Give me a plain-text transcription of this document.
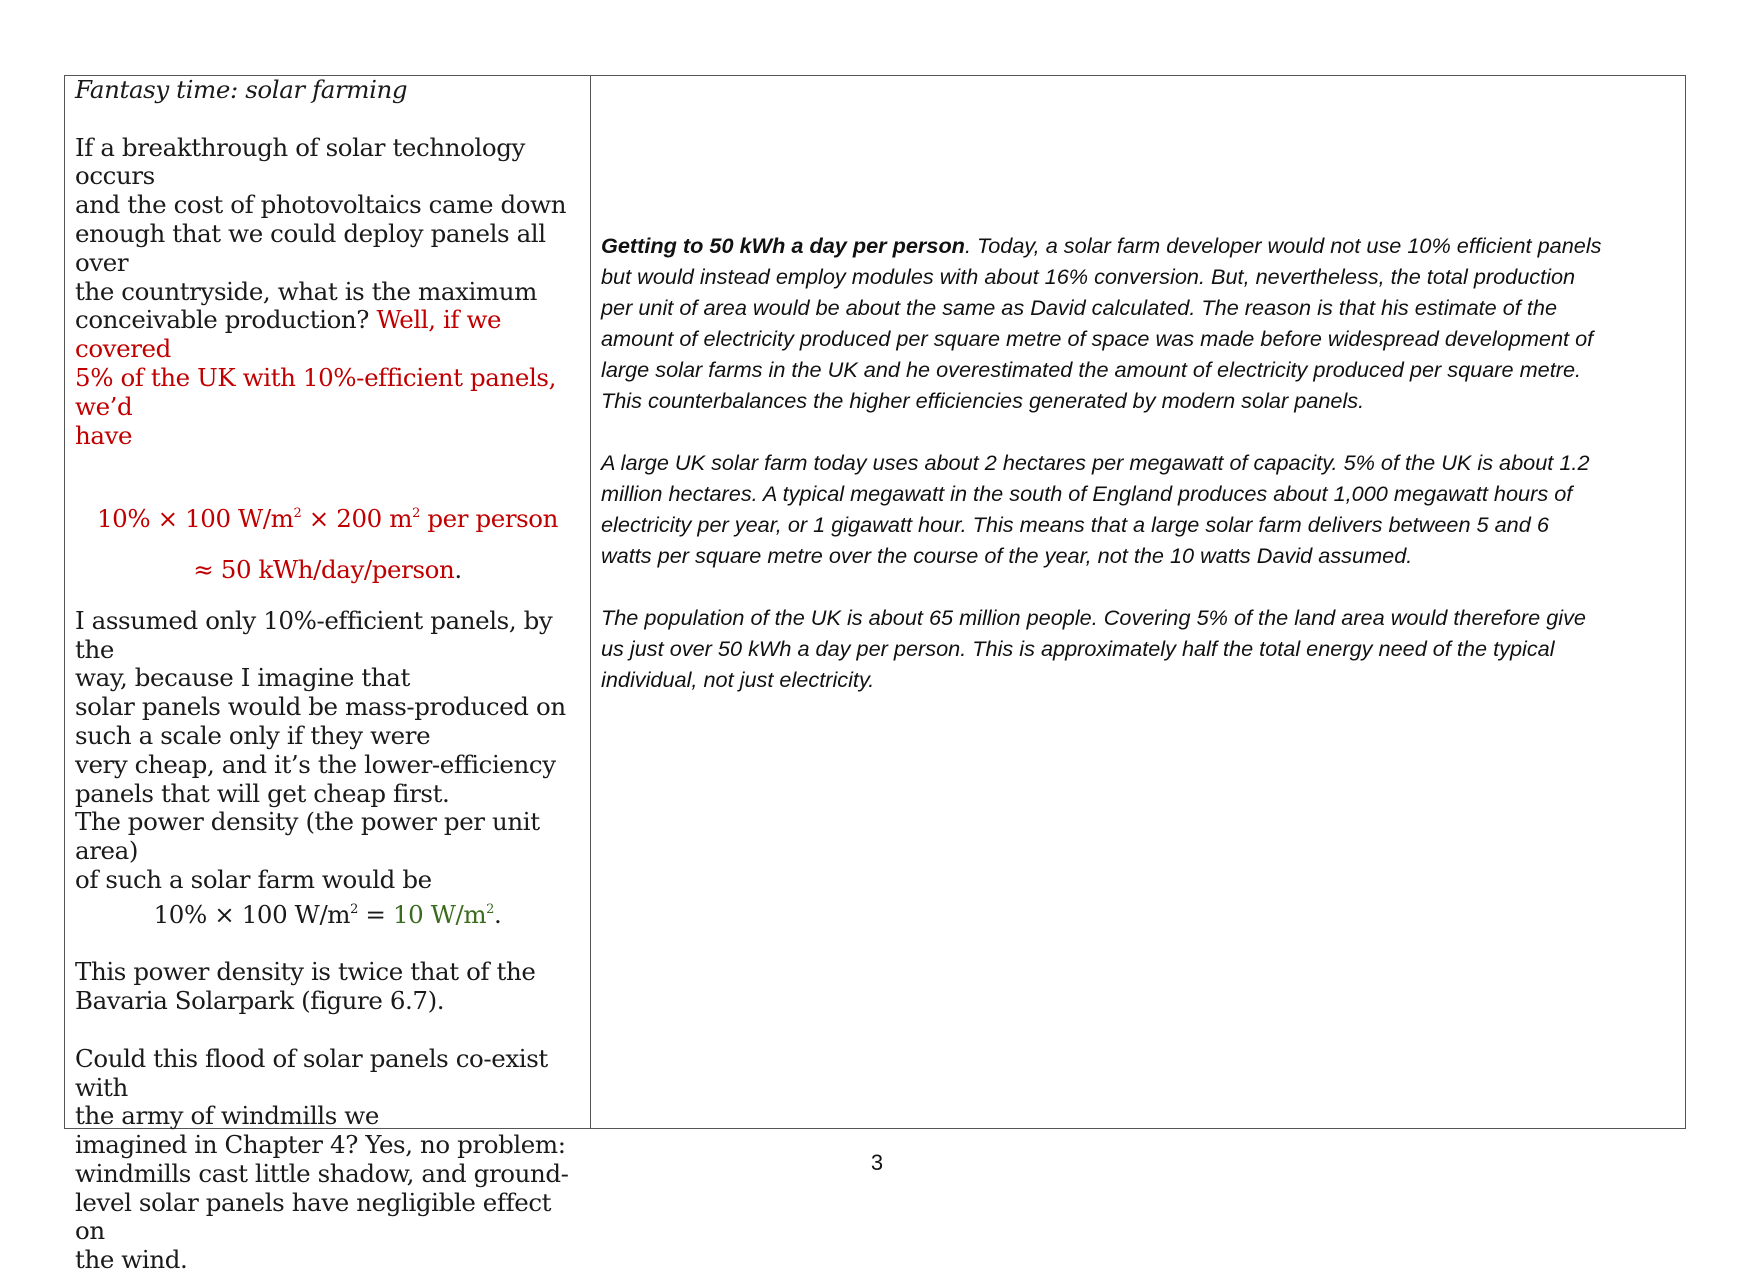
Fantasy time: solar farming
If a breakthrough of solar technology occurs
and the cost of photovoltaics came down
enough that we could deploy panels all over
the countryside, what is the maximum
conceivable production? Well, if we covered
5% of the UK with 10%-efficient panels, we’d
have
10% × 100 $W/m^2 \times 200$ $m^2$ per person
≈ 50 kWh/day/person.
I assumed only 10%-efficient panels, by the
way, because I imagine that
solar panels would be mass-produced on
such a scale only if they were
very cheap, and it’s the lower-efficiency
panels that will get cheap first.
The power density (the power per unit area)
of such a solar farm would be
10% × 100 $W/m^2 = 10$ $W/m^2$.
This power density is twice that of the
Bavaria Solarpark (figure 6.7).
Could this flood of solar panels co-exist with
the army of windmills we
imagined in Chapter 4? Yes, no problem:
windmills cast little shadow, and ground-
level solar panels have negligible effect on
the wind.
Getting to 50 kWh a day per person. Today, a solar farm developer would not use 10% efficient panels
but would instead employ modules with about 16% conversion. But, nevertheless, the total production
per unit of area would be about the same as David calculated. The reason is that his estimate of the
amount of electricity produced per square metre of space was made before widespread development of
large solar farms in the UK and he overestimated the amount of electricity produced per square metre.
This counterbalances the higher efficiencies generated by modern solar panels.
A large UK solar farm today uses about 2 hectares per megawatt of capacity. 5% of the UK is about 1.2
million hectares. A typical megawatt in the south of England produces about 1,000 megawatt hours of
electricity per year, or 1 gigawatt hour. This means that a large solar farm delivers between 5 and 6
watts per square metre over the course of the year, not the 10 watts David assumed.
The population of the UK is about 65 million people. Covering 5% of the land area would therefore give
us just over 50 kWh a day per person. This is approximately half the total energy need of the typical
individual, not just electricity.
3
